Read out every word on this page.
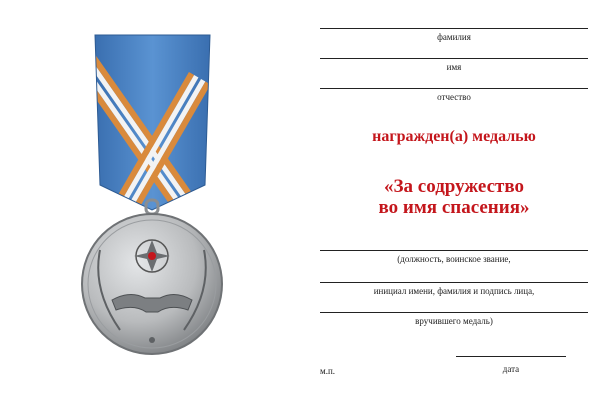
фамилия
имя
отчество
награжден(а) медалью
«За содружество
во имя спасения»
(должность, воинское звание,
инициал имени, фамилия и подпись лица,
вручившего медаль)
м.п.	дата
